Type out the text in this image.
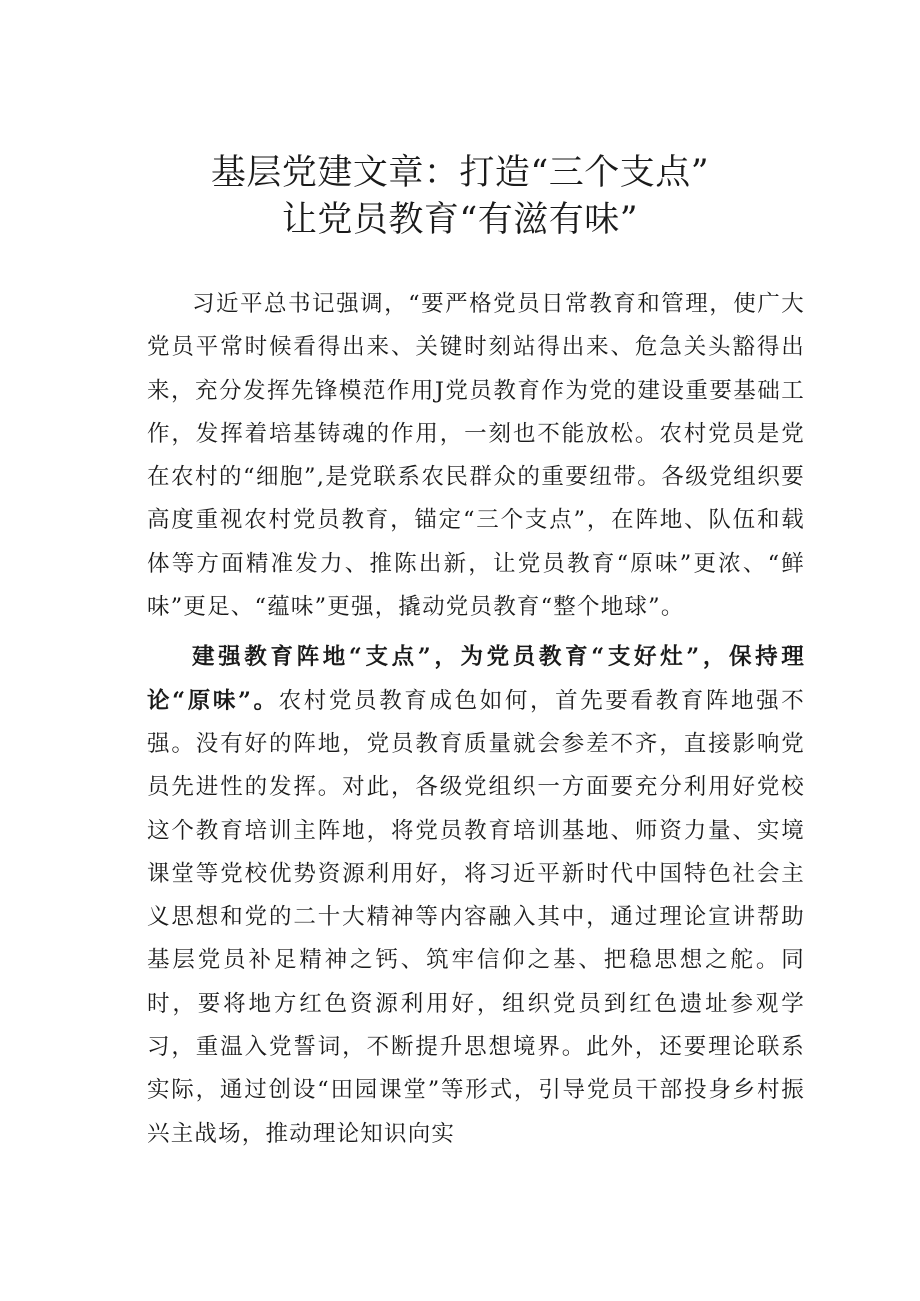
基层党建文章：打造“三个支点”
让党员教育“有滋有味”

习近平总书记强调，“要严格党员日常教育和管理，使广大党员平常时候看得出来、关键时刻站得出来、危急关头豁得出来，充分发挥先锋模范作用J党员教育作为党的建设重要基础工作，发挥着培基铸魂的作用，一刻也不能放松。农村党员是党在农村的“细胞”,是党联系农民群众的重要纽带。各级党组织要高度重视农村党员教育，锚定“三个支点”，在阵地、队伍和载体等方面精准发力、推陈出新，让党员教育“原味”更浓、“鲜味”更足、“蕴味”更强，撬动党员教育“整个地球”。

建强教育阵地“支点”，为党员教育“支好灶”，保持理论“原味”。农村党员教育成色如何，首先要看教育阵地强不强。没有好的阵地，党员教育质量就会参差不齐，直接影响党员先进性的发挥。对此，各级党组织一方面要充分利用好党校这个教育培训主阵地，将党员教育培训基地、师资力量、实境课堂等党校优势资源利用好，将习近平新时代中国特色社会主义思想和党的二十大精神等内容融入其中，通过理论宣讲帮助基层党员补足精神之钙、筑牢信仰之基、把稳思想之舵。同时，要将地方红色资源利用好，组织党员到红色遗址参观学习，重温入党誓词，不断提升思想境界。此外，还要理论联系实际，通过创设“田园课堂”等形式，引导党员干部投身乡村振兴主战场，推动理论知识向实
